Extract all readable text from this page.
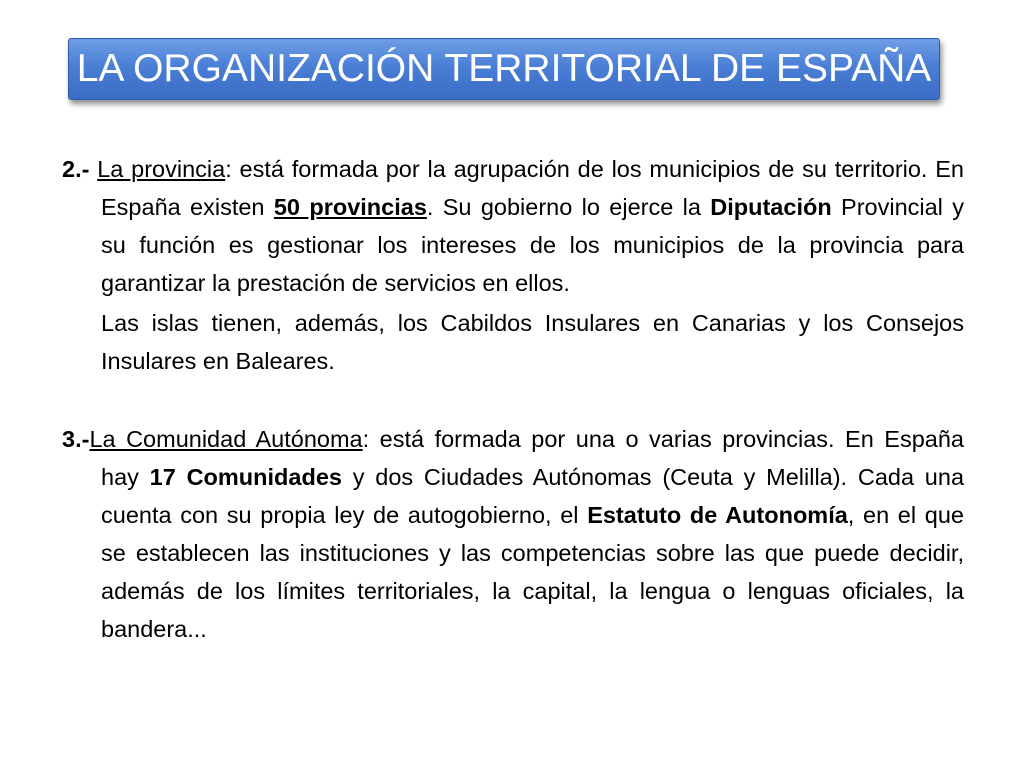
LA ORGANIZACIÓN TERRITORIAL DE ESPAÑA

2.- La provincia: está formada por la agrupación de los municipios de su territorio. En España existen 50 provincias. Su gobierno lo ejerce la Diputación Provincial y su función es gestionar los intereses de los municipios de la provincia para garantizar la prestación de servicios en ellos.

Las islas tienen, además, los Cabildos Insulares en Canarias y los Consejos Insulares en Baleares.

3.-La Comunidad Autónoma: está formada por una o varias provincias. En España hay 17 Comunidades y dos Ciudades Autónomas (Ceuta y Melilla). Cada una cuenta con su propia ley de autogobierno, el Estatuto de Autonomía, en el que se establecen las instituciones y las competencias sobre las que puede decidir, además de los límites territoriales, la capital, la lengua o lenguas oficiales, la bandera...
